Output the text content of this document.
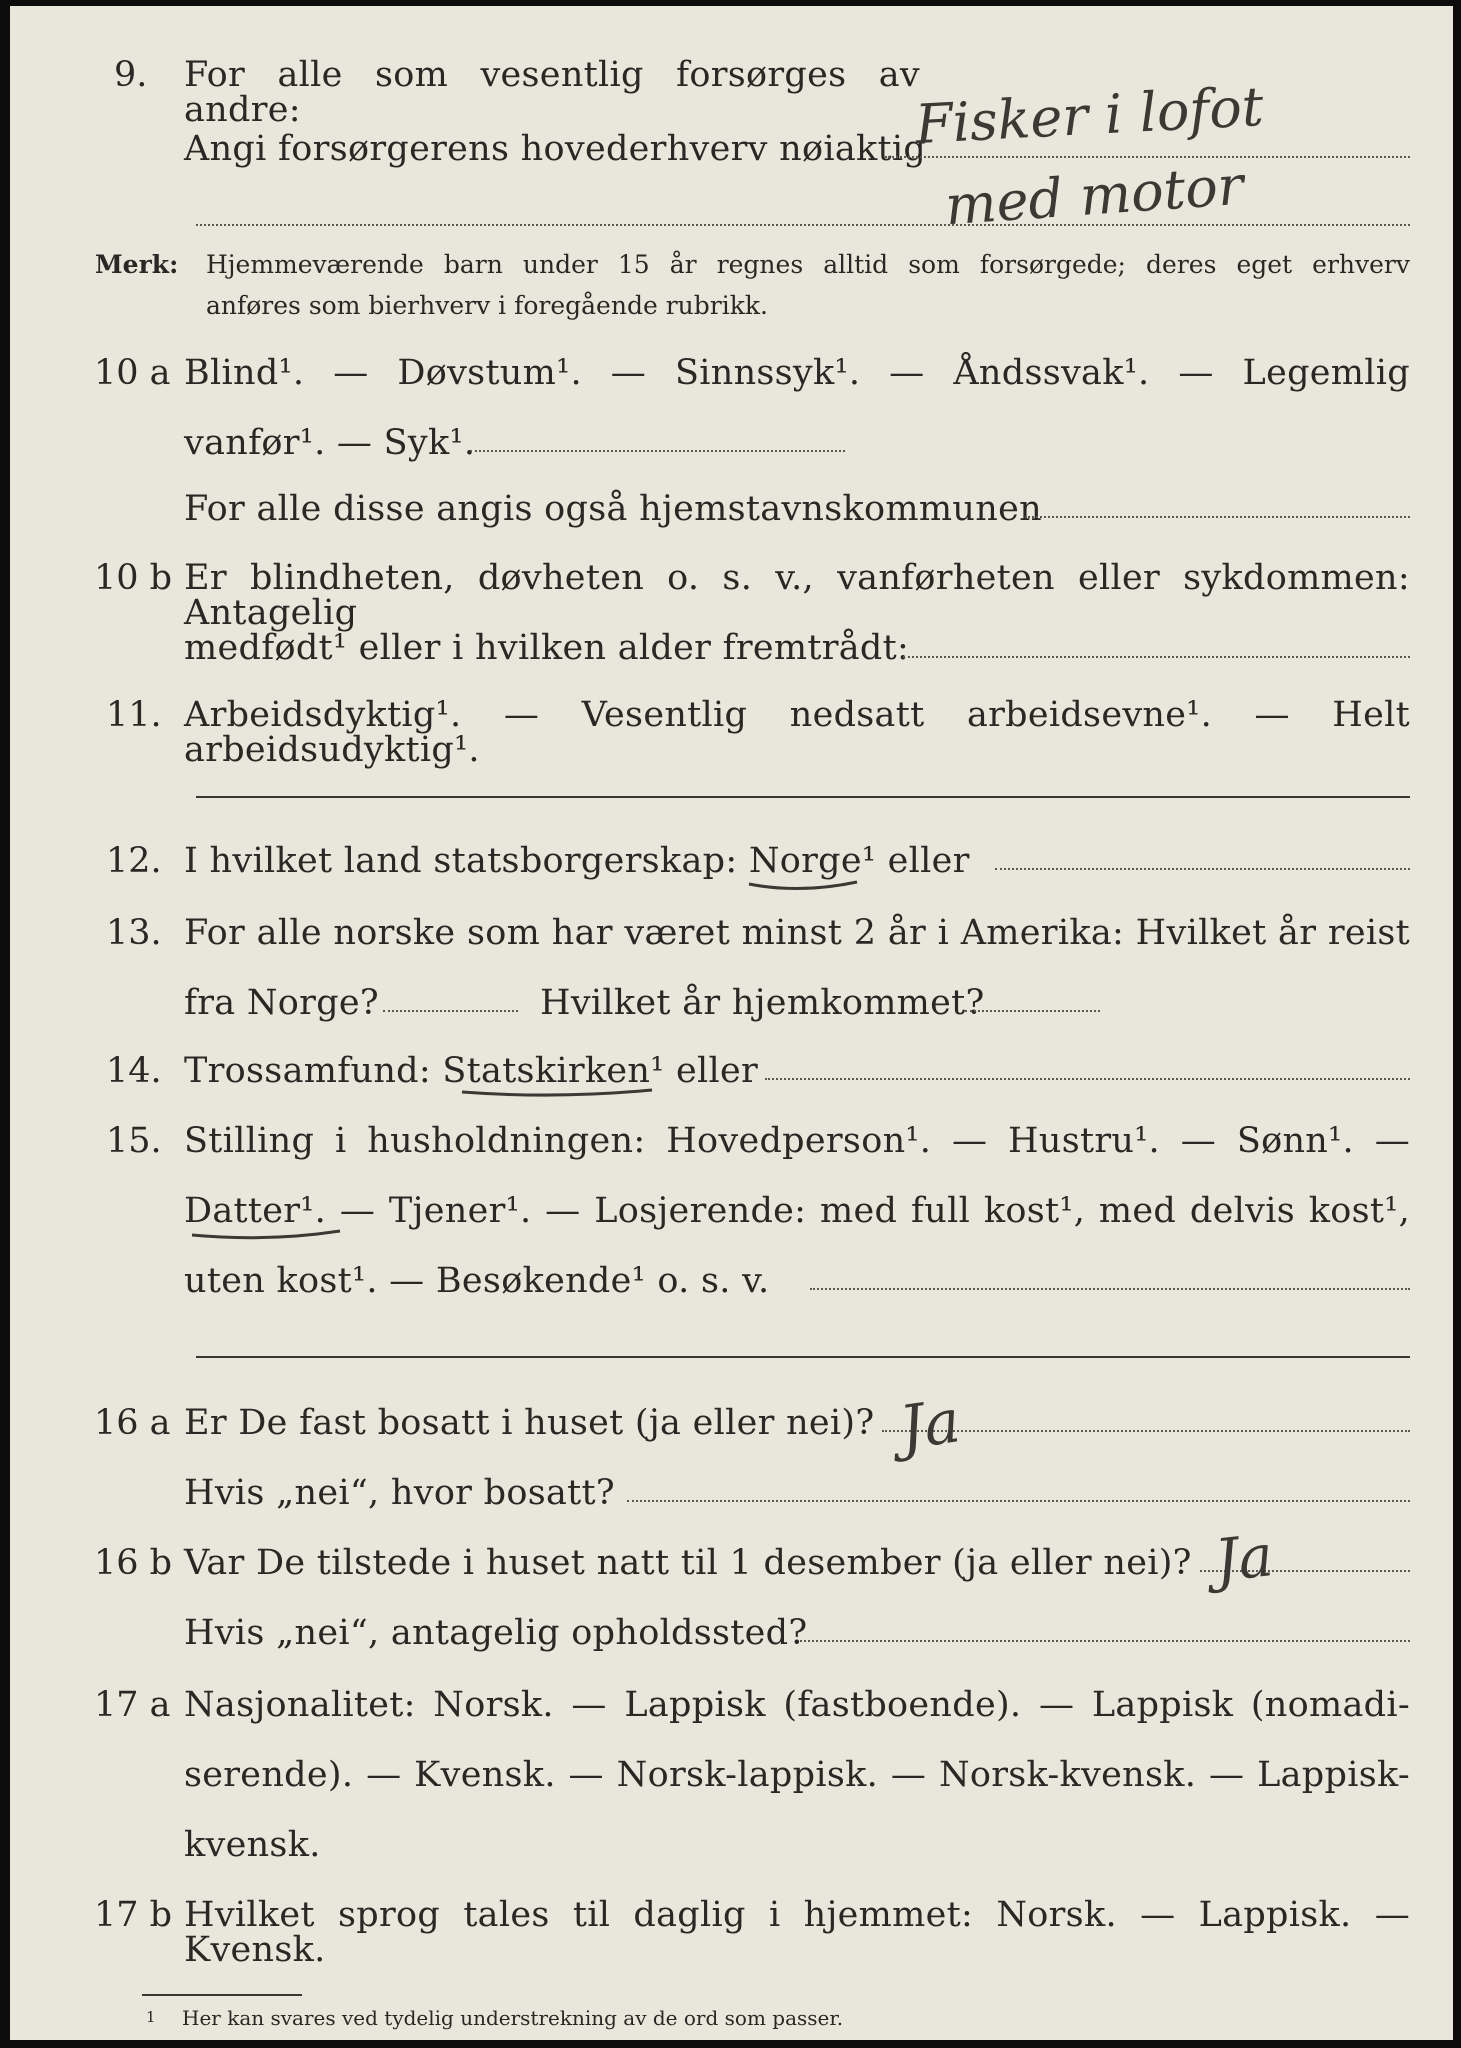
9. For alle som vesentlig forsørges av andre:
Angi forsørgerens hovederhverv nøiaktig
Fisker i lofot
med motor
Merk: Hjemmeværende barn under 15 år regnes alltid som forsørgede; deres eget erhverv
anføres som bierhverv i foregående rubrikk.
10 a Blind¹. — Døvstum¹. — Sinnssyk¹. — Åndssvak¹. — Legemlig
vanfør¹. — Syk¹.
For alle disse angis også hjemstavnskommunen
10 b Er blindheten, døvheten o. s. v., vanførheten eller sykdommen: Antagelig
medfødt¹ eller i hvilken alder fremtrådt:
11. Arbeidsdyktig¹. — Vesentlig nedsatt arbeidsevne¹. — Helt arbeidsudyktig¹.
12. I hvilket land statsborgerskap: Norge¹ eller
13. For alle norske som har været minst 2 år i Amerika: Hvilket år reist
fra Norge?	Hvilket år hjemkommet?
14. Trossamfund: Statskirken¹ eller
15. Stilling i husholdningen: Hovedperson¹. — Hustru¹. — Sønn¹. —
Datter¹. — Tjener¹. — Losjerende: med full kost¹, med delvis kost¹,
uten kost¹. — Besøkende¹ o. s. v.
16 a Er De fast bosatt i huset (ja eller nei)? Ja
Hvis „nei“, hvor bosatt?
16 b Var De tilstede i huset natt til 1 desember (ja eller nei)? Ja
Hvis „nei“, antagelig opholdssted?
17 a Nasjonalitet: Norsk. — Lappisk (fastboende). — Lappisk (nomadi-
serende). — Kvensk. — Norsk-lappisk. — Norsk-kvensk. — Lappisk-
kvensk.
17 b Hvilket sprog tales til daglig i hjemmet: Norsk. — Lappisk. — Kvensk.
1 Her kan svares ved tydelig understrekning av de ord som passer.
